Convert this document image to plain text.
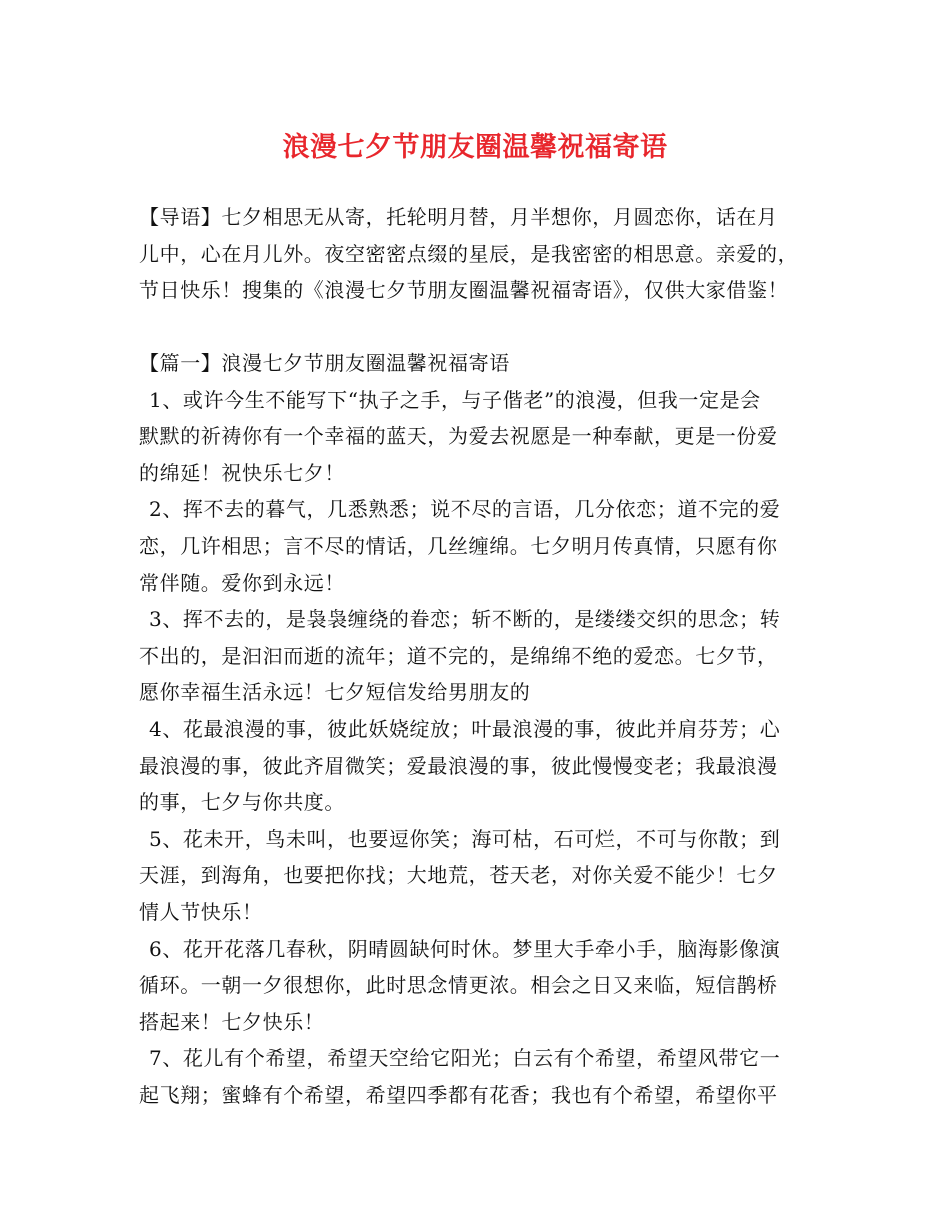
浪漫七夕节朋友圈温馨祝福寄语
【导语】七夕相思无从寄，托轮明月替，月半想你，月圆恋你，话在月
儿中，心在月儿外。夜空密密点缀的星辰，是我密密的相思意。亲爱的，
节日快乐！搜集的《浪漫七夕节朋友圈温馨祝福寄语》，仅供大家借鉴！
【篇一】浪漫七夕节朋友圈温馨祝福寄语
1、或许今生不能写下“执子之手，与子偕老”的浪漫，但我一定是会
默默的祈祷你有一个幸福的蓝天，为爱去祝愿是一种奉献，更是一份爱
的绵延！祝快乐七夕！
2、挥不去的暮气，几悉熟悉；说不尽的言语，几分依恋；道不完的爱
恋，几许相思；言不尽的情话，几丝缠绵。七夕明月传真情，只愿有你
常伴随。爱你到永远！
3、挥不去的，是袅袅缠绕的眷恋；斩不断的，是缕缕交织的思念；转
不出的，是汩汩而逝的流年；道不完的，是绵绵不绝的爱恋。七夕节，
愿你幸福生活永远！七夕短信发给男朋友的
4、花最浪漫的事，彼此妖娆绽放；叶最浪漫的事，彼此并肩芬芳；心
最浪漫的事，彼此齐眉微笑；爱最浪漫的事，彼此慢慢变老；我最浪漫
的事，七夕与你共度。
5、花未开，鸟未叫，也要逗你笑；海可枯，石可烂，不可与你散；到
天涯，到海角，也要把你找；大地荒，苍天老，对你关爱不能少！七夕
情人节快乐！
6、花开花落几春秋，阴晴圆缺何时休。梦里大手牵小手，脑海影像演
循环。一朝一夕很想你，此时思念情更浓。相会之日又来临，短信鹊桥
搭起来！七夕快乐！
7、花儿有个希望，希望天空给它阳光；白云有个希望，希望风带它一
起飞翔；蜜蜂有个希望，希望四季都有花香；我也有个希望，希望你平
